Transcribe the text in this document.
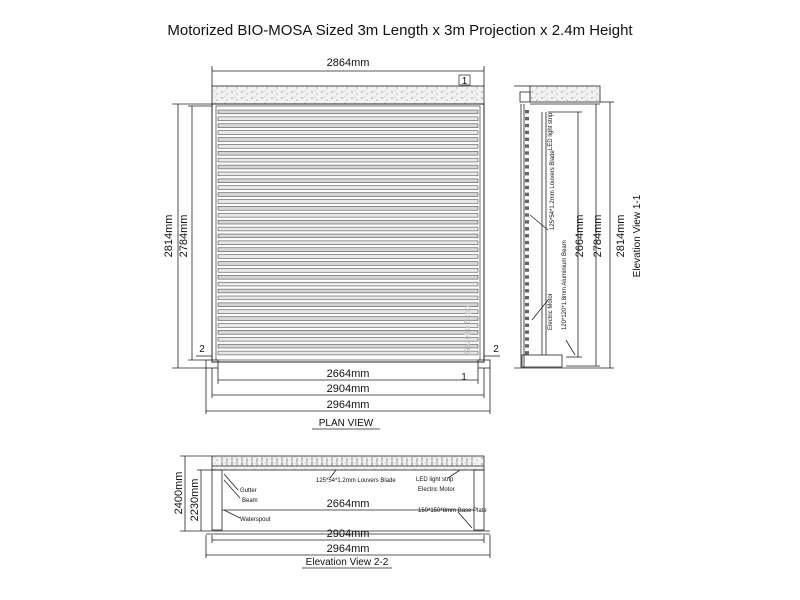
Motorized BIO-MOSA Sized 3m Length x 3m Projection x 2.4m Height
2864mm
1
2	2
1
2664mm
2904mm
2964mm
2814mm 2784mm
Gazebo Expo
PLAN VIEW
LED light strip
125*54*1.2mm Louvers Blade
Electric Motor 120*120*1.8mm Aluminium Beam
2664mm 2784mm 2814mm Elevation View 1-1
2400mm 2230mm	2664mm
2904mm
2964mm
125*54*1.2mm Louvers Blade	LED light strip
Electric Motor
Gutter
Beam
Waterspout
150*150*8mm Base Plate
Elevation View 2-2
